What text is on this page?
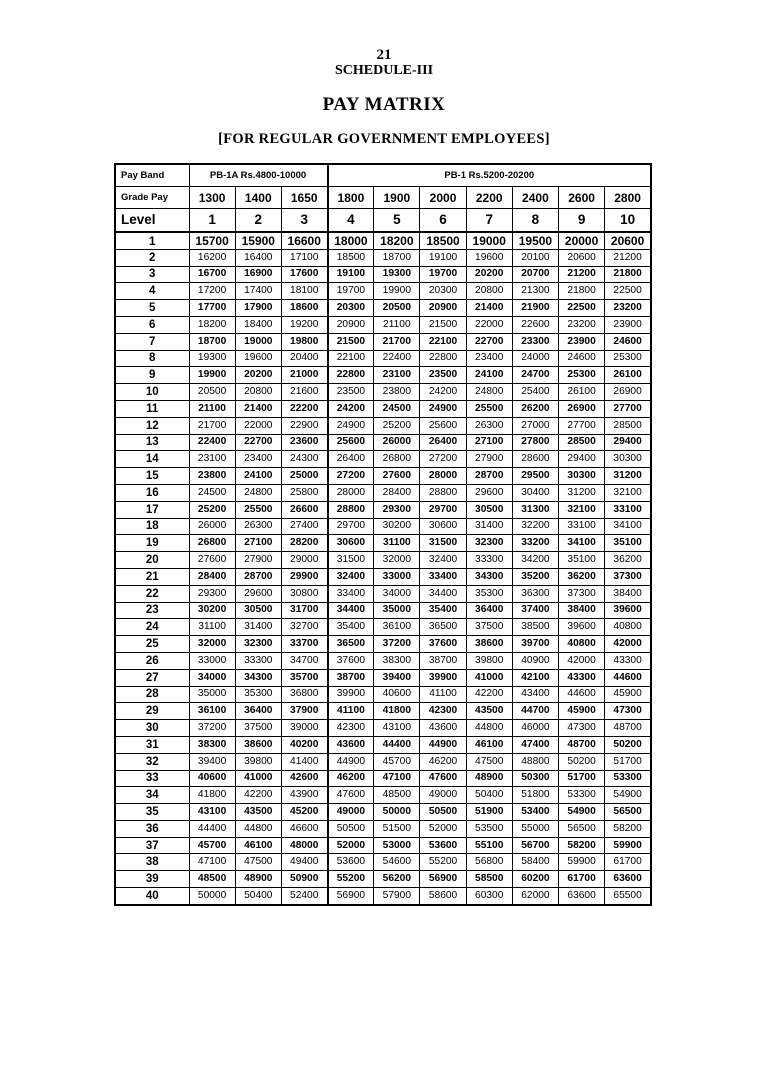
21
SCHEDULE-III
PAY MATRIX
[FOR REGULAR GOVERNMENT EMPLOYEES]
Pay Band	PB-1A Rs.4800-10000			PB-1 Rs.5200-20200						
Grade Pay	1300	1400	1650	1800	1900	2000	2200	2400	2600	2800
Level	1	2	3	4	5	6	7	8	9	10
1	15700	15900	16600	18000	18200	18500	19000	19500	20000	20600
2	16200	16400	17100	18500	18700	19100	19600	20100	20600	21200
3	16700	16900	17600	19100	19300	19700	20200	20700	21200	21800
4	17200	17400	18100	19700	19900	20300	20800	21300	21800	22500
5	17700	17900	18600	20300	20500	20900	21400	21900	22500	23200
6	18200	18400	19200	20900	21100	21500	22000	22600	23200	23900
7	18700	19000	19800	21500	21700	22100	22700	23300	23900	24600
8	19300	19600	20400	22100	22400	22800	23400	24000	24600	25300
9	19900	20200	21000	22800	23100	23500	24100	24700	25300	26100
10	20500	20800	21600	23500	23800	24200	24800	25400	26100	26900
11	21100	21400	22200	24200	24500	24900	25500	26200	26900	27700
12	21700	22000	22900	24900	25200	25600	26300	27000	27700	28500
13	22400	22700	23600	25600	26000	26400	27100	27800	28500	29400
14	23100	23400	24300	26400	26800	27200	27900	28600	29400	30300
15	23800	24100	25000	27200	27600	28000	28700	29500	30300	31200
16	24500	24800	25800	28000	28400	28800	29600	30400	31200	32100
17	25200	25500	26600	28800	29300	29700	30500	31300	32100	33100
18	26000	26300	27400	29700	30200	30600	31400	32200	33100	34100
19	26800	27100	28200	30600	31100	31500	32300	33200	34100	35100
20	27600	27900	29000	31500	32000	32400	33300	34200	35100	36200
21	28400	28700	29900	32400	33000	33400	34300	35200	36200	37300
22	29300	29600	30800	33400	34000	34400	35300	36300	37300	38400
23	30200	30500	31700	34400	35000	35400	36400	37400	38400	39600
24	31100	31400	32700	35400	36100	36500	37500	38500	39600	40800
25	32000	32300	33700	36500	37200	37600	38600	39700	40800	42000
26	33000	33300	34700	37600	38300	38700	39800	40900	42000	43300
27	34000	34300	35700	38700	39400	39900	41000	42100	43300	44600
28	35000	35300	36800	39900	40600	41100	42200	43400	44600	45900
29	36100	36400	37900	41100	41800	42300	43500	44700	45900	47300
30	37200	37500	39000	42300	43100	43600	44800	46000	47300	48700
31	38300	38600	40200	43600	44400	44900	46100	47400	48700	50200
32	39400	39800	41400	44900	45700	46200	47500	48800	50200	51700
33	40600	41000	42600	46200	47100	47600	48900	50300	51700	53300
34	41800	42200	43900	47600	48500	49000	50400	51800	53300	54900
35	43100	43500	45200	49000	50000	50500	51900	53400	54900	56500
36	44400	44800	46600	50500	51500	52000	53500	55000	56500	58200
37	45700	46100	48000	52000	53000	53600	55100	56700	58200	59900
38	47100	47500	49400	53600	54600	55200	56800	58400	59900	61700
39	48500	48900	50900	55200	56200	56900	58500	60200	61700	63600
40	50000	50400	52400	56900	57900	58600	60300	62000	63600	65500
